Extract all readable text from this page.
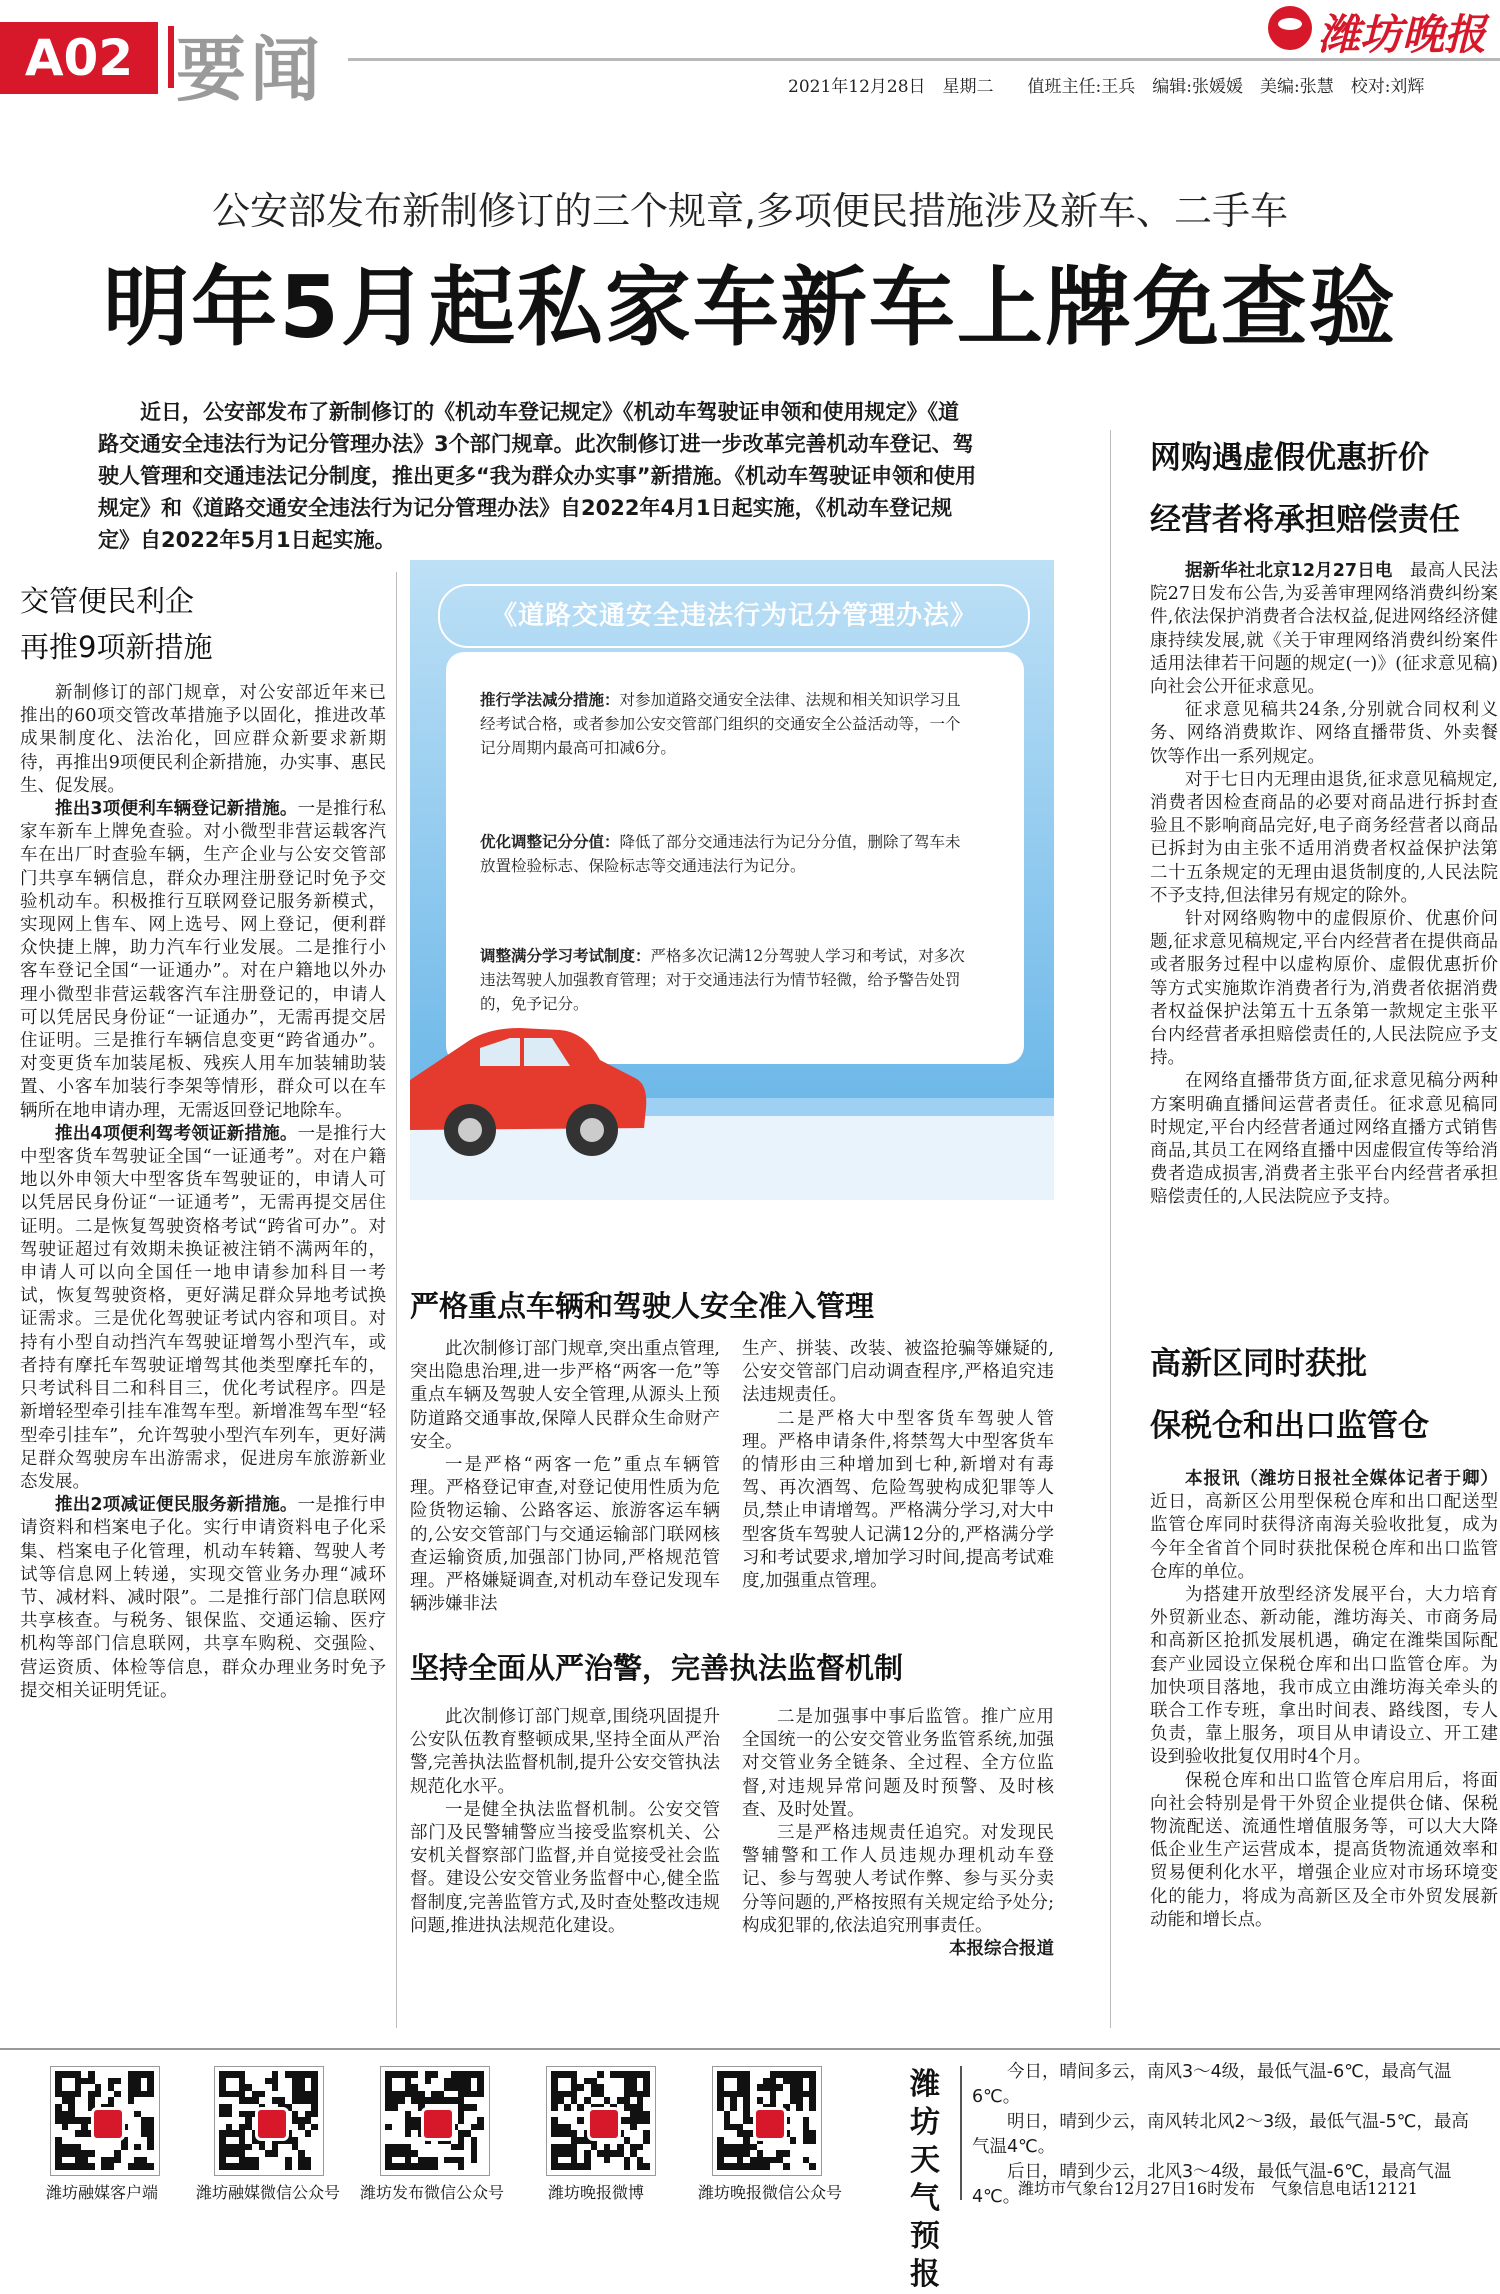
A02 要闻	潍坊晚报
2021年12月28日　星期二　　值班主任:王兵　编辑:张媛媛　美编:张慧　校对:刘辉
公安部发布新制修订的三个规章,多项便民措施涉及新车、二手车
明年5月起私家车新车上牌免查验
近日，公安部发布了新制修订的《机动车登记规定》《机动车驾驶证申领和使用规定》《道路交通安全违法行为记分管理办法》3个部门规章。此次制修订进一步改革完善机动车登记、驾驶人管理和交通违法记分制度，推出更多“我为群众办实事”新措施。《机动车驾驶证申领和使用规定》和《道路交通安全违法行为记分管理办法》自2022年4月1日起实施，《机动车登记规定》自2022年5月1日起实施。
交管便民利企
再推9项新措施

新制修订的部门规章，对公安部近年来已推出的60项交管改革措施予以固化，推进改革成果制度化、法治化，回应群众新要求新期待，再推出9项便民利企新措施，办实事、惠民生、促发展。

推出3项便利车辆登记新措施。一是推行私家车新车上牌免查验。对小微型非营运载客汽车在出厂时查验车辆，生产企业与公安交管部门共享车辆信息，群众办理注册登记时免予交验机动车。积极推行互联网登记服务新模式，实现网上售车、网上选号、网上登记，便利群众快捷上牌，助力汽车行业发展。二是推行小客车登记全国“一证通办”。对在户籍地以外办理小微型非营运载客汽车注册登记的，申请人可以凭居民身份证“一证通办”，无需再提交居住证明。三是推行车辆信息变更“跨省通办”。对变更货车加装尾板、残疾人用车加装辅助装置、小客车加装行李架等情形，群众可以在车辆所在地申请办理，无需返回登记地除车。

推出4项便利驾考领证新措施。一是推行大中型客货车驾驶证全国“一证通考”。对在户籍地以外申领大中型客货车驾驶证的，申请人可以凭居民身份证“一证通考”，无需再提交居住证明。二是恢复驾驶资格考试“跨省可办”。对驾驶证超过有效期未换证被注销不满两年的，申请人可以向全国任一地申请参加科目一考试，恢复驾驶资格，更好满足群众异地考试换证需求。三是优化驾驶证考试内容和项目。对持有小型自动挡汽车驾驶证增驾小型汽车，或者持有摩托车驾驶证增驾其他类型摩托车的，只考试科目二和科目三，优化考试程序。四是新增轻型牵引挂车准驾车型。新增准驾车型“轻型牵引挂车”，允许驾驶小型汽车列车，更好满足群众驾驶房车出游需求，促进房车旅游新业态发展。

推出2项减证便民服务新措施。一是推行申请资料和档案电子化。实行申请资料电子化采集、档案电子化管理，机动车转籍、驾驶人考试等信息网上转递，实现交管业务办理“减环节、减材料、减时限”。二是推行部门信息联网共享核查。与税务、银保监、交通运输、医疗机构等部门信息联网，共享车购税、交强险、营运资质、体检等信息，群众办理业务时免予提交相关证明凭证。

《道路交通安全违法行为记分管理办法》
推行学法减分措施：对参加道路交通安全法律、法规和相关知识学习且经考试合格，或者参加公安交管部门组织的交通安全公益活动等，一个记分周期内最高可扣减6分。
优化调整记分分值：降低了部分交通违法行为记分分值，删除了驾车未放置检验标志、保险标志等交通违法行为记分。
调整满分学习考试制度：严格多次记满12分驾驶人学习和考试，对多次违法驾驶人加强教育管理；对于交通违法行为情节轻微，给予警告处罚的，免予记分。
严格重点车辆和驾驶人安全准入管理

此次制修订部门规章,突出重点管理,突出隐患治理,进一步严格“两客一危”等重点车辆及驾驶人安全管理,从源头上预防道路交通事故,保障人民群众生命财产安全。

一是严格“两客一危”重点车辆管理。严格登记审查,对登记使用性质为危险货物运输、公路客运、旅游客运车辆的,公安交管部门与交通运输部门联网核查运输资质,加强部门协同,严格规范管理。严格嫌疑调查,对机动车登记发现车辆涉嫌非法

生产、拼装、改装、被盗抢骗等嫌疑的,公安交管部门启动调查程序,严格追究违法违规责任。

二是严格大中型客货车驾驶人管理。严格申请条件,将禁驾大中型客货车的情形由三种增加到七种,新增对有毒驾、再次酒驾、危险驾驶构成犯罪等人员,禁止申请增驾。严格满分学习,对大中型客货车驾驶人记满12分的,严格满分学习和考试要求,增加学习时间,提高考试难度,加强重点管理。

坚持全面从严治警，完善执法监督机制

此次制修订部门规章,围绕巩固提升公安队伍教育整顿成果,坚持全面从严治警,完善执法监督机制,提升公安交管执法规范化水平。

一是健全执法监督机制。公安交管部门及民警辅警应当接受监察机关、公安机关督察部门监督,并自觉接受社会监督。建设公安交管业务监督中心,健全监督制度,完善监管方式,及时查处整改违规问题,推进执法规范化建设。

二是加强事中事后监管。推广应用全国统一的公安交管业务监管系统,加强对交管业务全链条、全过程、全方位监督,对违规异常问题及时预警、及时核查、及时处置。

三是严格违规责任追究。对发现民警辅警和工作人员违规办理机动车登记、参与驾驶人考试作弊、参与买分卖分等问题的,严格按照有关规定给予处分;构成犯罪的,依法追究刑事责任。

本报综合报道

网购遇虚假优惠折价
经营者将承担赔偿责任

据新华社北京12月27日电　最高人民法院27日发布公告,为妥善审理网络消费纠纷案件,依法保护消费者合法权益,促进网络经济健康持续发展,就《关于审理网络消费纠纷案件适用法律若干问题的规定(一)》(征求意见稿)向社会公开征求意见。

征求意见稿共24条,分别就合同权利义务、网络消费欺诈、网络直播带货、外卖餐饮等作出一系列规定。

对于七日内无理由退货,征求意见稿规定,消费者因检查商品的必要对商品进行拆封查验且不影响商品完好,电子商务经营者以商品已拆封为由主张不适用消费者权益保护法第二十五条规定的无理由退货制度的,人民法院不予支持,但法律另有规定的除外。

针对网络购物中的虚假原价、优惠价问题,征求意见稿规定,平台内经营者在提供商品或者服务过程中以虚构原价、虚假优惠折价等方式实施欺诈消费者行为,消费者依据消费者权益保护法第五十五条第一款规定主张平台内经营者承担赔偿责任的,人民法院应予支持。

在网络直播带货方面,征求意见稿分两种方案明确直播间运营者责任。征求意见稿同时规定,平台内经营者通过网络直播方式销售商品,其员工在网络直播中因虚假宣传等给消费者造成损害,消费者主张平台内经营者承担赔偿责任的,人民法院应予支持。

高新区同时获批
保税仓和出口监管仓

本报讯（潍坊日报社全媒体记者于卿）近日，高新区公用型保税仓库和出口配送型监管仓库同时获得济南海关验收批复，成为今年全省首个同时获批保税仓库和出口监管仓库的单位。

为搭建开放型经济发展平台，大力培育外贸新业态、新动能，潍坊海关、市商务局和高新区抢抓发展机遇，确定在潍柴国际配套产业园设立保税仓库和出口监管仓库。为加快项目落地，我市成立由潍坊海关牵头的联合工作专班，拿出时间表、路线图，专人负责，靠上服务，项目从申请设立、开工建设到验收批复仅用时4个月。

保税仓库和出口监管仓库启用后，将面向社会特别是骨干外贸企业提供仓储、保税物流配送、流通性增值服务等，可以大大降低企业生产运营成本，提高货物流通效率和贸易便利化水平，增强企业应对市场环境变化的能力，将成为高新区及全市外贸发展新动能和增长点。

潍坊融媒客户端 潍坊融媒微信公众号 潍坊发布微信公众号	潍坊晚报微博	潍坊晚报微信公众号
潍坊天气预报

今日，晴间多云，南风3～4级，最低气温-6℃，最高气温6℃。

明日，晴到少云，南风转北风2～3级，最低气温-5℃，最高气温4℃。

后日，晴到少云，北风3～4级，最低气温-6℃，最高气温4℃。

潍坊市气象台12月27日16时发布　气象信息电话12121
